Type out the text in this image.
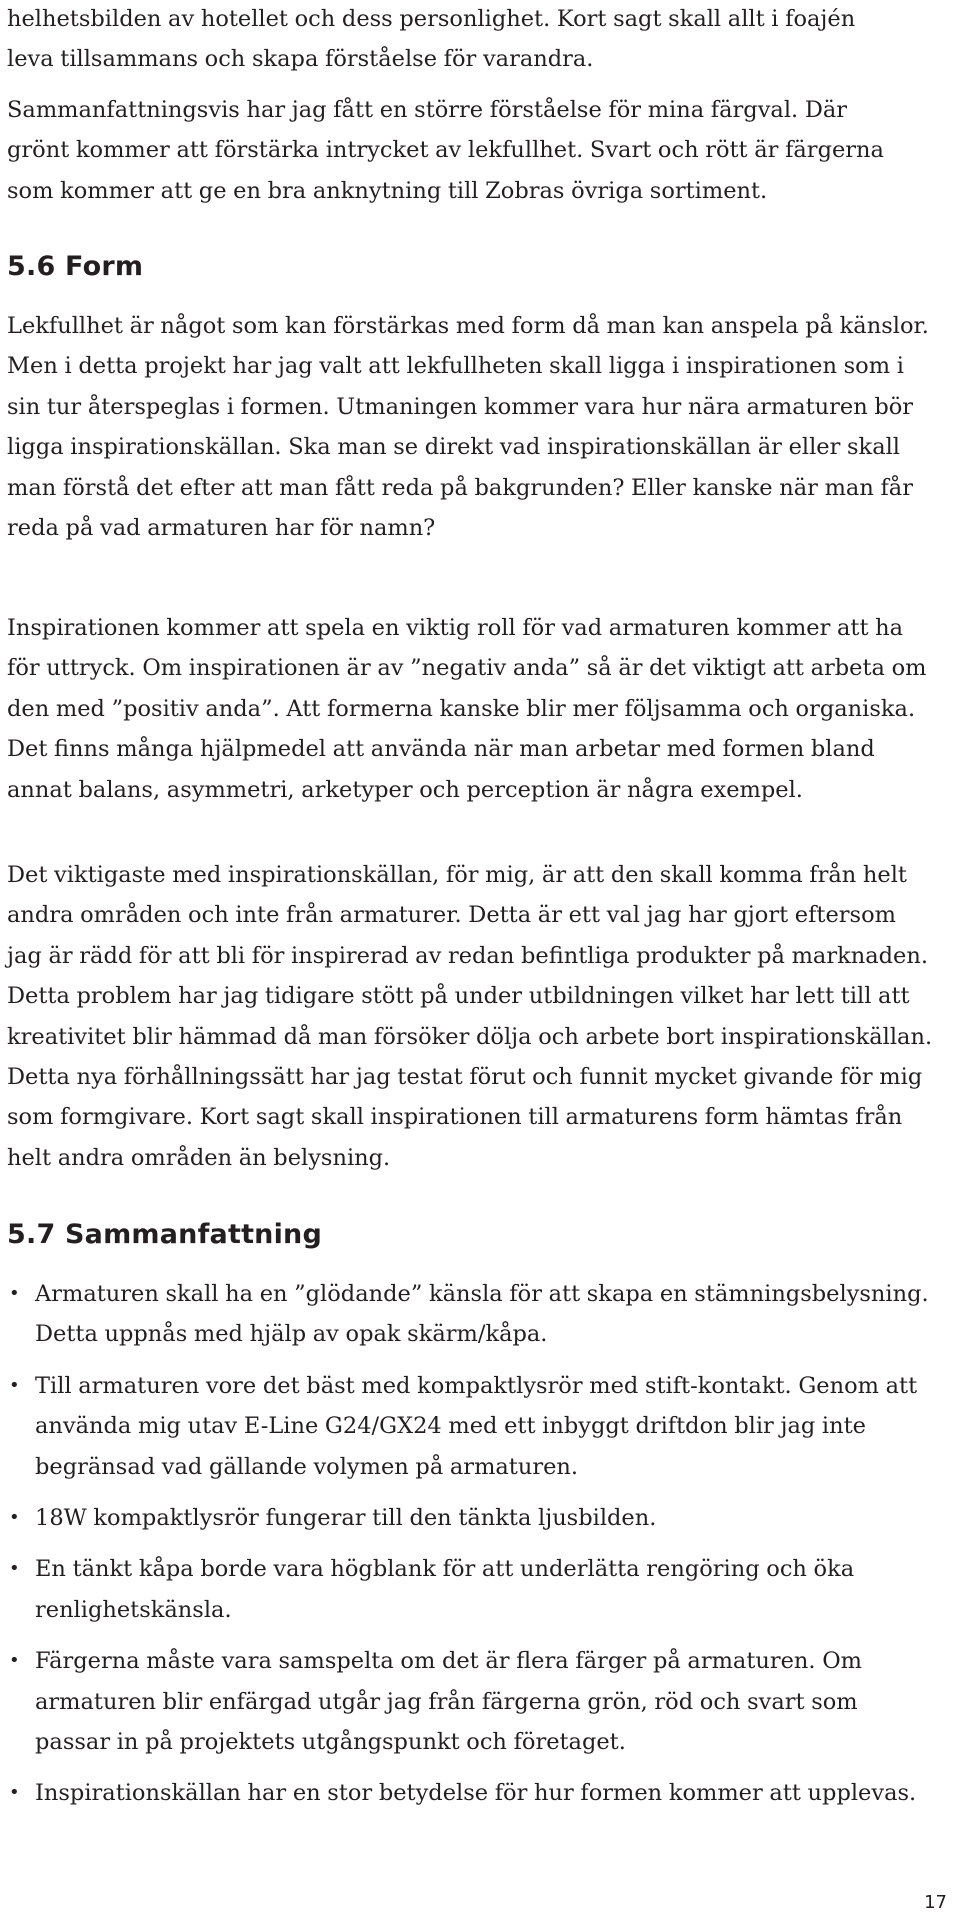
helhetsbilden av hotellet och dess personlighet. Kort sagt skall allt i foajén leva tillsammans och skapa förståelse för varandra.

Sammanfattningsvis har jag fått en större förståelse för mina färgval. Där grönt kommer att förstärka intrycket av lekfullhet. Svart och rött är färgerna som kommer att ge en bra anknytning till Zobras övriga sortiment.

5.6 Form

Lekfullhet är något som kan förstärkas med form då man kan anspela på känslor. Men i detta projekt har jag valt att lekfullheten skall ligga i inspirationen som i sin tur återspeglas i formen. Utmaningen kommer vara hur nära armaturen bör ligga inspirationskällan. Ska man se direkt vad inspirationskällan är eller skall man förstå det efter att man fått reda på bakgrunden? Eller kanske när man får reda på vad armaturen har för namn?

Inspirationen kommer att spela en viktig roll för vad armaturen kommer att ha för uttryck. Om inspirationen är av ”negativ anda” så är det viktigt att arbeta om den med ”positiv anda”. Att formerna kanske blir mer följsamma och organiska. Det finns många hjälpmedel att använda när man arbetar med formen bland annat balans, asymmetri, arketyper och perception är några exempel.

Det viktigaste med inspirationskällan, för mig, är att den skall komma från helt andra områden och inte från armaturer. Detta är ett val jag har gjort eftersom jag är rädd för att bli för inspirerad av redan befintliga produkter på marknaden. Detta problem har jag tidigare stött på under utbildningen vilket har lett till att kreativitet blir hämmad då man försöker dölja och arbete bort inspirationskällan. Detta nya förhållningssätt har jag testat förut och funnit mycket givande för mig som formgivare. Kort sagt skall inspirationen till armaturens form hämtas från helt andra områden än belysning.

5.7 Sammanfattning
• Armaturen skall ha en ”glödande” känsla för att skapa en stämningsbelysning. Detta uppnås med hjälp av opak skärm/kåpa.
• Till armaturen vore det bäst med kompaktlysrör med stift-kontakt. Genom att använda mig utav E-Line G24/GX24 med ett inbyggt driftdon blir jag inte begränsad vad gällande volymen på armaturen.
• 18W kompaktlysrör fungerar till den tänkta ljusbilden.
• En tänkt kåpa borde vara högblank för att underlätta rengöring och öka renlighetskänsla.
• Färgerna måste vara samspelta om det är flera färger på armaturen. Om armaturen blir enfärgad utgår jag från färgerna grön, röd och svart som passar in på projektets utgångspunkt och företaget.
• Inspirationskällan har en stor betydelse för hur formen kommer att upplevas.
17
